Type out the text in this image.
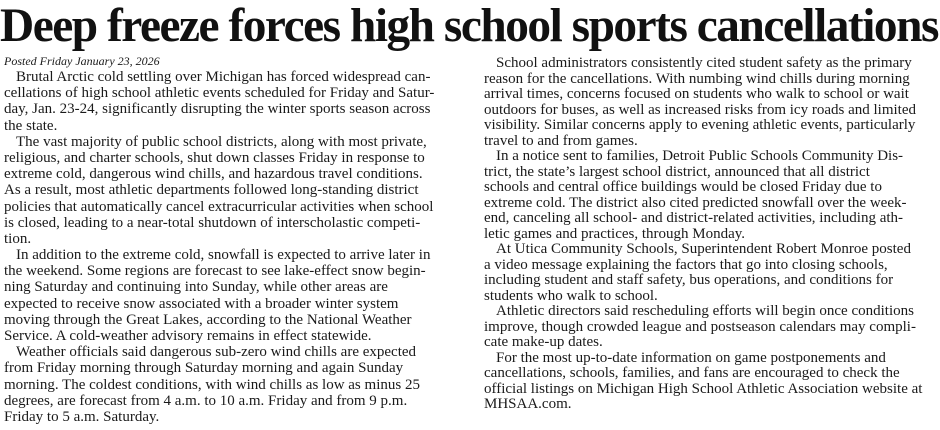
Deep freeze forces high school sports cancellations
Posted Friday January 23, 2026
Brutal Arctic cold settling over Michigan has forced widespread can-
cellations of high school athletic events scheduled for Friday and Satur-
day, Jan. 23-24, significantly disrupting the winter sports season across
the state.
The vast majority of public school districts, along with most private,
religious, and charter schools, shut down classes Friday in response to
extreme cold, dangerous wind chills, and hazardous travel conditions.
As a result, most athletic departments followed long-standing district
policies that automatically cancel extracurricular activities when school
is closed, leading to a near-total shutdown of interscholastic competi-
tion.
In addition to the extreme cold, snowfall is expected to arrive later in
the weekend. Some regions are forecast to see lake-effect snow begin-
ning Saturday and continuing into Sunday, while other areas are
expected to receive snow associated with a broader winter system
moving through the Great Lakes, according to the National Weather
Service. A cold-weather advisory remains in effect statewide.
Weather officials said dangerous sub-zero wind chills are expected
from Friday morning through Saturday morning and again Sunday
morning. The coldest conditions, with wind chills as low as minus 25
degrees, are forecast from 4 a.m. to 10 a.m. Friday and from 9 p.m.
Friday to 5 a.m. Saturday.
School administrators consistently cited student safety as the primary
reason for the cancellations. With numbing wind chills during morning
arrival times, concerns focused on students who walk to school or wait
outdoors for buses, as well as increased risks from icy roads and limited
visibility. Similar concerns apply to evening athletic events, particularly
travel to and from games.
In a notice sent to families, Detroit Public Schools Community Dis-
trict, the state’s largest school district, announced that all district
schools and central office buildings would be closed Friday due to
extreme cold. The district also cited predicted snowfall over the week-
end, canceling all school- and district-related activities, including ath-
letic games and practices, through Monday.
At Utica Community Schools, Superintendent Robert Monroe posted
a video message explaining the factors that go into closing schools,
including student and staff safety, bus operations, and conditions for
students who walk to school.
Athletic directors said rescheduling efforts will begin once conditions
improve, though crowded league and postseason calendars may compli-
cate make-up dates.
For the most up-to-date information on game postponements and
cancellations, schools, families, and fans are encouraged to check the
official listings on Michigan High School Athletic Association website at
MHSAA.com.
